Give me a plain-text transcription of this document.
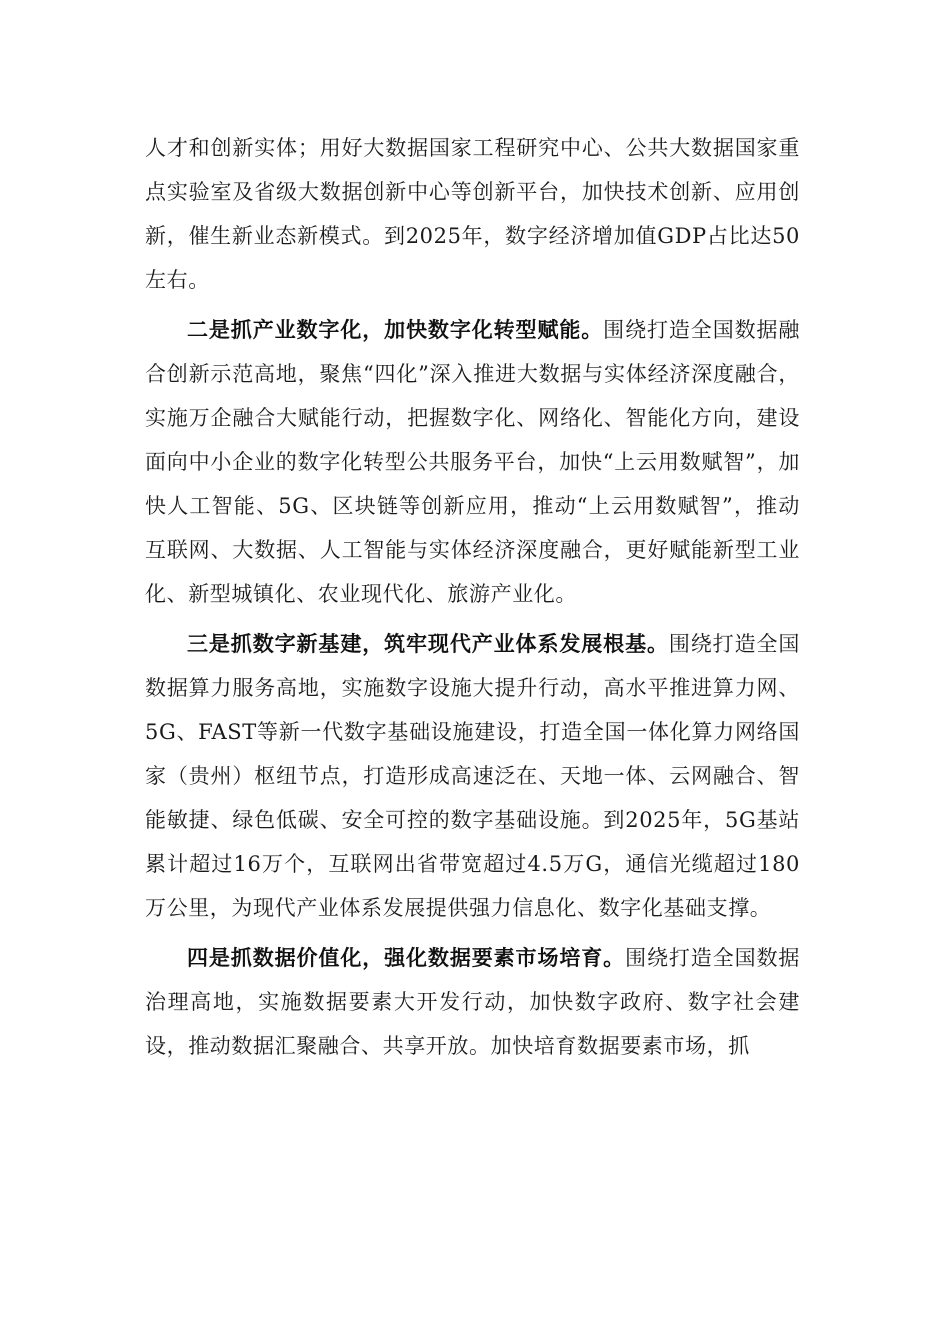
人才和创新实体；用好大数据国家工程研究中心、公共大数据国家重点实验室及省级大数据创新中心等创新平台，加快技术创新、应用创新，催生新业态新模式。到2025年，数字经济增加值GDP占比达50左右。

二是抓产业数字化，加快数字化转型赋能。围绕打造全国数据融合创新示范高地，聚焦“四化”深入推进大数据与实体经济深度融合，实施万企融合大赋能行动，把握数字化、网络化、智能化方向，建设面向中小企业的数字化转型公共服务平台，加快“上云用数赋智”，加快人工智能、5G、区块链等创新应用，推动“上云用数赋智”，推动互联网、大数据、人工智能与实体经济深度融合，更好赋能新型工业化、新型城镇化、农业现代化、旅游产业化。

三是抓数字新基建，筑牢现代产业体系发展根基。围绕打造全国数据算力服务高地，实施数字设施大提升行动，高水平推进算力网、5G、FAST等新一代数字基础设施建设，打造全国一体化算力网络国家（贵州）枢纽节点，打造形成高速泛在、天地一体、云网融合、智能敏捷、绿色低碳、安全可控的数字基础设施。到2025年，5G基站累计超过16万个，互联网出省带宽超过4.5万G，通信光缆超过180万公里，为现代产业体系发展提供强力信息化、数字化基础支撑。

四是抓数据价值化，强化数据要素市场培育。围绕打造全国数据治理高地，实施数据要素大开发行动，加快数字政府、数字社会建设，推动数据汇聚融合、共享开放。加快培育数据要素市场，抓
